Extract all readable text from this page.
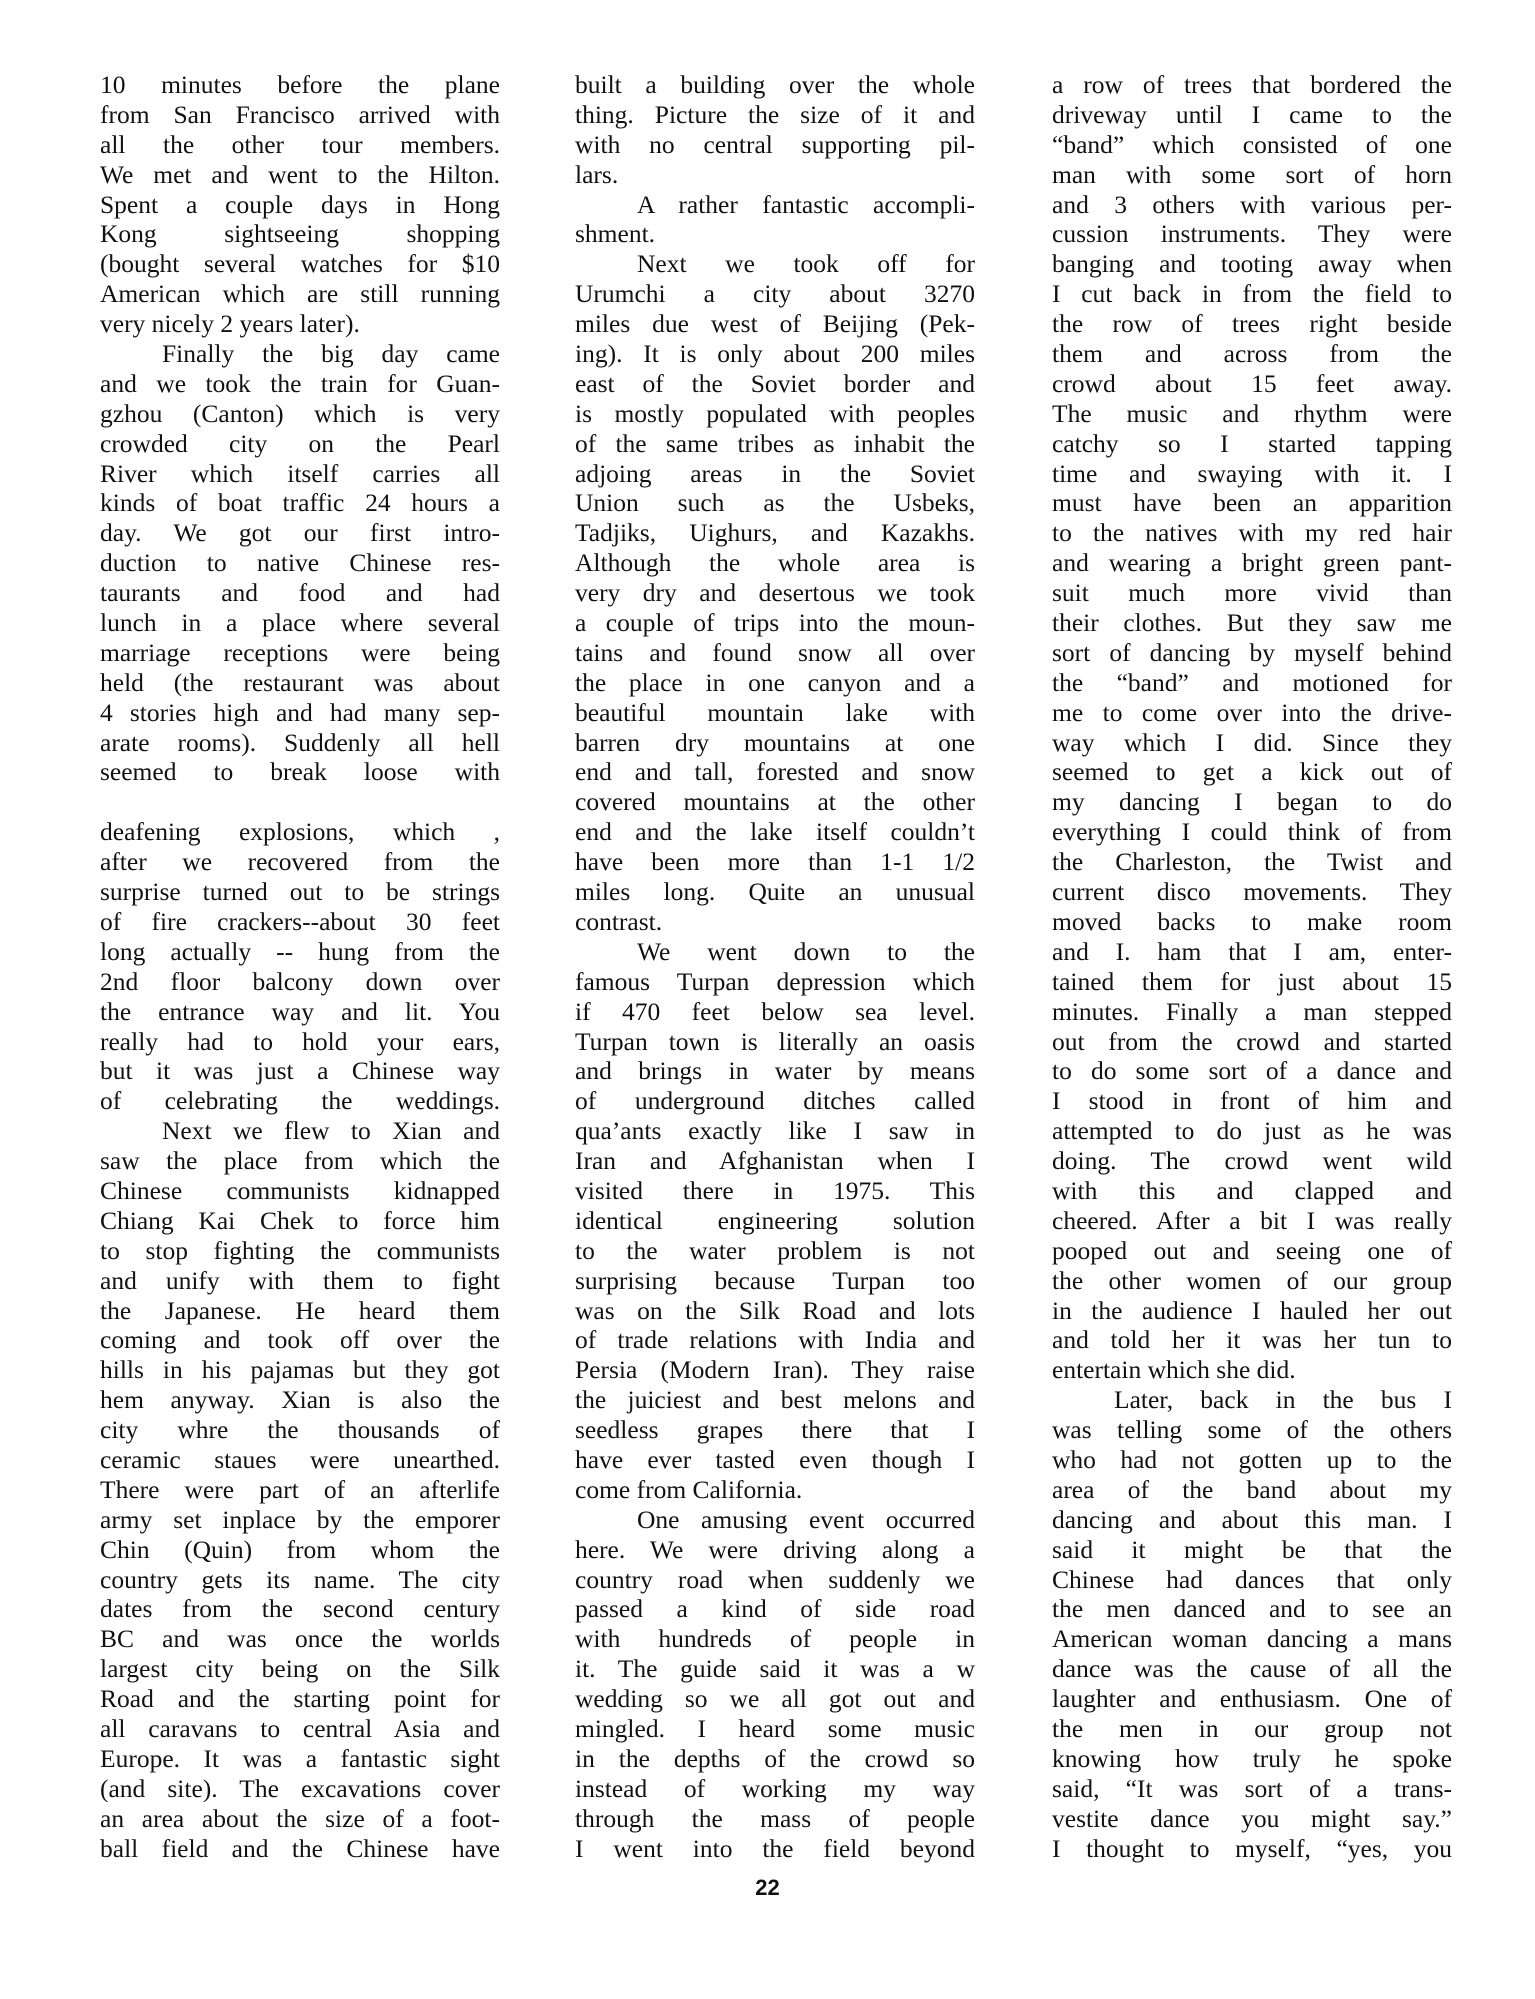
10 minutes before the plane
from San Francisco arrived with
all the other tour members.
We met and went to the Hilton.
Spent a couple days in Hong
Kong sightseeing shopping
(bought several watches for $10
American which are still running
very nicely 2 years later).
Finally the big day came
and we took the train for Guan-
gzhou (Canton) which is very
crowded city on the Pearl
River which itself carries all
kinds of boat traffic 24 hours a
day. We got our first intro-
duction to native Chinese res-
taurants and food and had
lunch in a place where several
marriage receptions were being
held (the restaurant was about
4 stories high and had many sep-
arate rooms). Suddenly all hell
seemed to break loose with
deafening explosions, which ,
after we recovered from the
surprise turned out to be strings
of fire crackers--about 30 feet
long actually -- hung from the
2nd floor balcony down over
the entrance way and lit. You
really had to hold your ears,
but it was just a Chinese way
of celebrating the weddings.
Next we flew to Xian and
saw the place from which the
Chinese communists kidnapped
Chiang Kai Chek to force him
to stop fighting the communists
and unify with them to fight
the Japanese. He heard them
coming and took off over the
hills in his pajamas but they got
hem anyway. Xian is also the
city whre the thousands of
ceramic staues were unearthed.
There were part of an afterlife
army set inplace by the emporer
Chin (Quin) from whom the
country gets its name. The city
dates from the second century
BC and was once the worlds
largest city being on the Silk
Road and the starting point for
all caravans to central Asia and
Europe. It was a fantastic sight
(and site). The excavations cover
an area about the size of a foot-
ball field and the Chinese have
built a building over the whole
thing. Picture the size of it and
with no central supporting pil-
lars.
A rather fantastic accompli-
shment.
Next we took off for
Urumchi a city about 3270
miles due west of Beijing (Pek-
ing). It is only about 200 miles
east of the Soviet border and
is mostly populated with peoples
of the same tribes as inhabit the
adjoing areas in the Soviet
Union such as the Usbeks,
Tadjiks, Uighurs, and Kazakhs.
Although the whole area is
very dry and desertous we took
a couple of trips into the moun-
tains and found snow all over
the place in one canyon and a
beautiful mountain lake with
barren dry mountains at one
end and tall, forested and snow
covered mountains at the other
end and the lake itself couldn’t
have been more than 1-1 1/2
miles long. Quite an unusual
contrast.
We went down to the
famous Turpan depression which
if 470 feet below sea level.
Turpan town is literally an oasis
and brings in water by means
of underground ditches called
qua’ants exactly like I saw in
Iran and Afghanistan when I
visited there in 1975. This
identical engineering solution
to the water problem is not
surprising because Turpan too
was on the Silk Road and lots
of trade relations with India and
Persia (Modern Iran). They raise
the juiciest and best melons and
seedless grapes there that I
have ever tasted even though I
come from California.
One amusing event occurred
here. We were driving along a
country road when suddenly we
passed a kind of side road
with hundreds of people in
it. The guide said it was a w
wedding so we all got out and
mingled. I heard some music
in the depths of the crowd so
instead of working my way
through the mass of people
I went into the field beyond
a row of trees that bordered the
driveway until I came to the
“band” which consisted of one
man with some sort of horn
and 3 others with various per-
cussion instruments. They were
banging and tooting away when
I cut back in from the field to
the row of trees right beside
them and across from the
crowd about 15 feet away.
The music and rhythm were
catchy so I started tapping
time and swaying with it. I
must have been an apparition
to the natives with my red hair
and wearing a bright green pant-
suit much more vivid than
their clothes. But they saw me
sort of dancing by myself behind
the “band” and motioned for
me to come over into the drive-
way which I did. Since they
seemed to get a kick out of
my dancing I began to do
everything I could think of from
the Charleston, the Twist and
current disco movements. They
moved backs to make room
and I. ham that I am, enter-
tained them for just about 15
minutes. Finally a man stepped
out from the crowd and started
to do some sort of a dance and
I stood in front of him and
attempted to do just as he was
doing. The crowd went wild
with this and clapped and
cheered. After a bit I was really
pooped out and seeing one of
the other women of our group
in the audience I hauled her out
and told her it was her tun to
entertain which she did.
Later, back in the bus I
was telling some of the others
who had not gotten up to the
area of the band about my
dancing and about this man. I
said it might be that the
Chinese had dances that only
the men danced and to see an
American woman dancing a mans
dance was the cause of all the
laughter and enthusiasm. One of
the men in our group not
knowing how truly he spoke
said, “It was sort of a trans-
vestite dance you might say.”
I thought to myself, “yes, you
22
